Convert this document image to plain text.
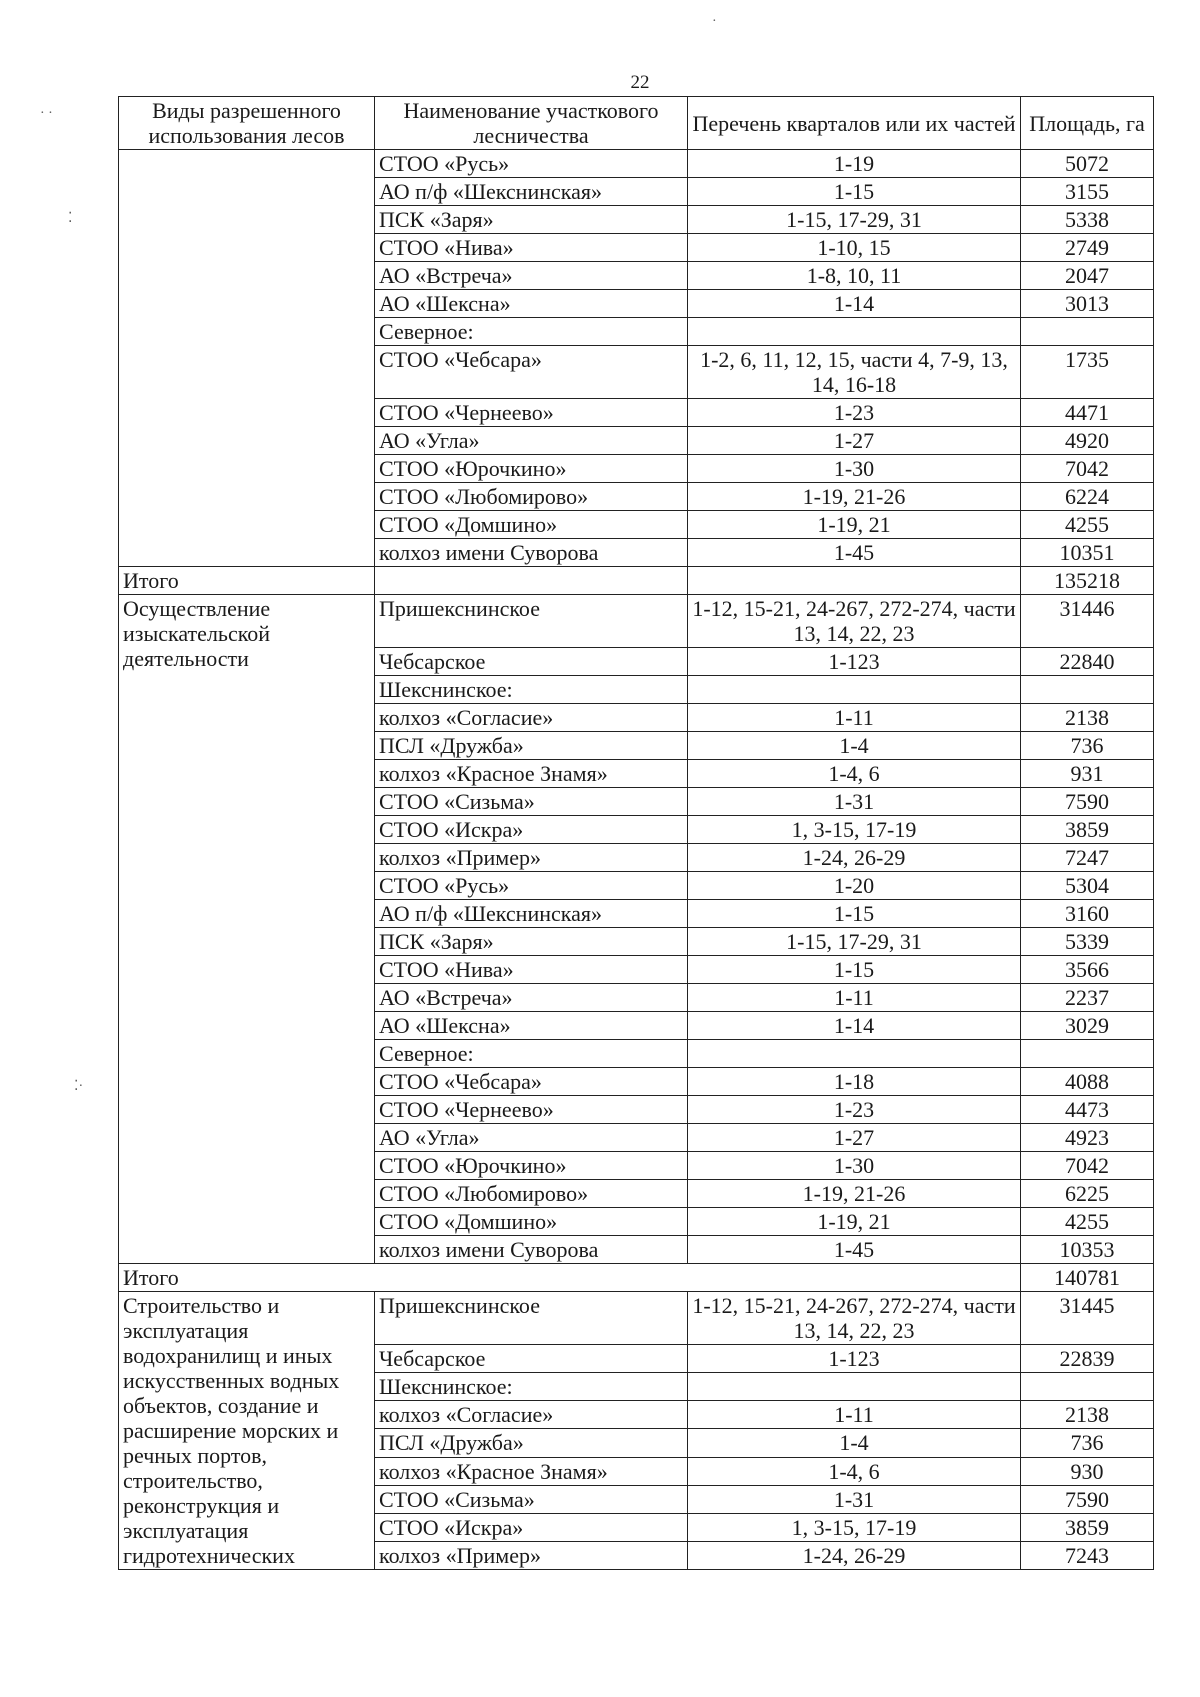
22
Виды разрешенного использования лесов	Наименование участкового лесничества	Перечень кварталов или их частей	Площадь, га
	СТОО «Русь»	1-19	5072
	АО п/ф «Шекснинская»	1-15	3155
	ПСК «Заря»	1-15, 17-29, 31	5338
	СТОО «Нива»	1-10, 15	2749
	АО «Встреча»	1-8, 10, 11	2047
	АО «Шексна»	1-14	3013
	Северное:		
	СТОО «Чебсара»	1-2, 6, 11, 12, 15, части 4, 7-9, 13, 14, 16-18	1735
	СТОО «Чернеево»	1-23	4471
	АО «Угла»	1-27	4920
	СТОО «Юрочкино»	1-30	7042
	СТОО «Любомирово»	1-19, 21-26	6224
	СТОО «Домшино»	1-19, 21	4255
	колхоз имени Суворова	1-45	10351
Итого			135218
Осуществление изыскательской деятельности	Пришекснинское	1-12, 15-21, 24-267, 272-274, части 13, 14, 22, 23	31446
	Чебсарское	1-123	22840
	Шекснинское:		
	колхоз «Согласие»	1-11	2138
	ПСЛ «Дружба»	1-4	736
	колхоз «Красное Знамя»	1-4, 6	931
	СТОО «Сизьма»	1-31	7590
	СТОО «Искра»	1, 3-15, 17-19	3859
	колхоз «Пример»	1-24, 26-29	7247
	СТОО «Русь»	1-20	5304
	АО п/ф «Шекснинская»	1-15	3160
	ПСК «Заря»	1-15, 17-29, 31	5339
	СТОО «Нива»	1-15	3566
	АО «Встреча»	1-11	2237
	АО «Шексна»	1-14	3029
	Северное:		
	СТОО «Чебсара»	1-18	4088
	СТОО «Чернеево»	1-23	4473
	АО «Угла»	1-27	4923
	СТОО «Юрочкино»	1-30	7042
	СТОО «Любомирово»	1-19, 21-26	6225
	СТОО «Домшино»	1-19, 21	4255
	колхоз имени Суворова	1-45	10353
Итого			140781
Строительство и эксплуатация водохранилищ и иных искусственных водных объектов, создание и расширение морских и речных портов, строительство, реконструкция и эксплуатация гидротехнических	Пришекснинское	1-12, 15-21, 24-267, 272-274, части 13, 14, 22, 23	31445
	Чебсарское	1-123	22839
	Шекснинское:		
	колхоз «Согласие»	1-11	2138
	ПСЛ «Дружба»	1-4	736
	колхоз «Красное Знамя»	1-4, 6	930
	СТОО «Сизьма»	1-31	7590
	СТОО «Искра»	1, 3-15, 17-19	3859
	колхоз «Пример»	1-24, 26-29	7243
· ·
⁚
⁚·
·
